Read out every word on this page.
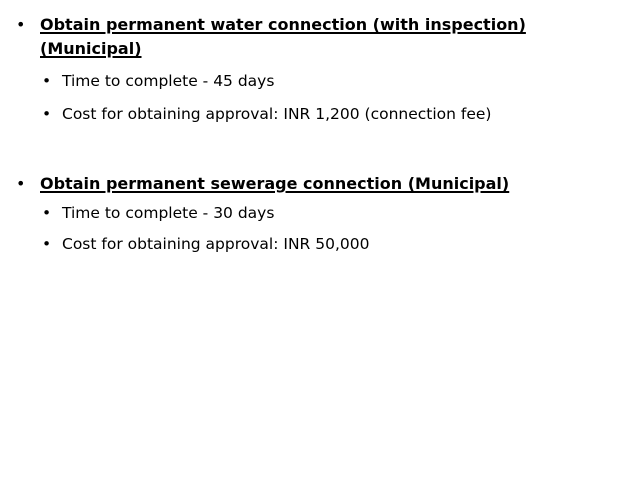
• Obtain permanent water connection (with inspection)
(Municipal)
• Time to complete - 45 days
• Cost for obtaining approval: INR 1,200 (connection fee)
• Obtain permanent sewerage connection (Municipal)
• Time to complete - 30 days
• Cost for obtaining approval: INR 50,000
